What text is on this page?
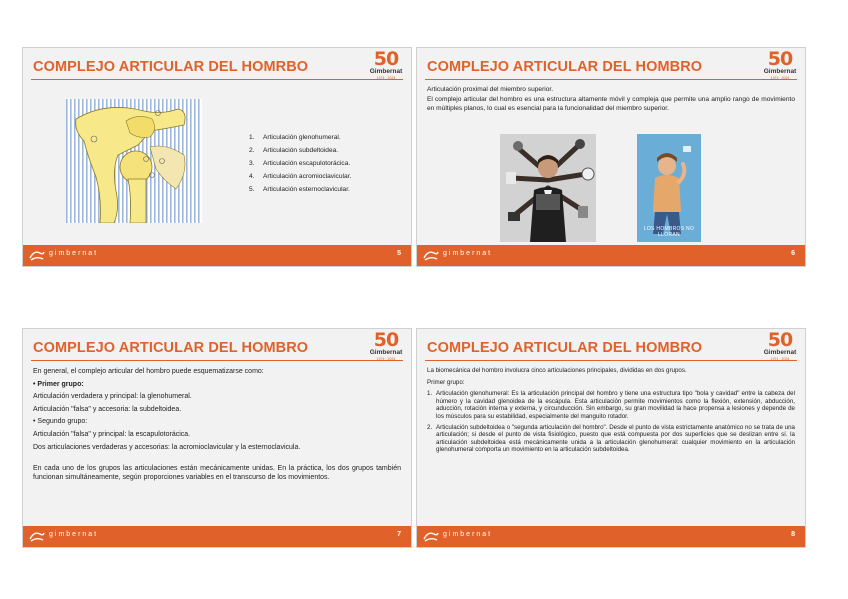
COMPLEJO ARTICULAR DEL HOMRBO	50
Gimbernat
1974 · 2024
1. Articulación glenohumeral.
2. Articulación subdeltoidea.
3. Articulación escapulotorácica.
4. Articulación acromioclavicular.
5. Articulación esternoclavicular.
gimbernat	5
COMPLEJO ARTICULAR DEL HOMBRO	50
Gimbernat
1974 · 2024

Articulación proximal del miembro superior.

El complejo articular del hombro es una estructura altamente móvil y compleja que permite una amplio rango de movimiento en múltiples planos, lo cual es esencial para la funcionalidad del miembro superior.

LOS HOMBROS NO LLORAN
gimbernat	6
COMPLEJO ARTICULAR DEL HOMBRO	50
Gimbernat
1974 · 2024

En general, el complejo articular del hombro puede esquematizarse como:

• Primer grupo:

Articulación verdadera y principal: la glenohumeral.

Articulación "falsa" y accesoria: la subdeltoidea.

• Segundo grupo:

Articulación "falsa" y principal: la escapulotorácica.

Dos articulaciones verdaderas y accesorias: la acromioclavicular y la esternoclavicula.

En cada uno de los grupos las articulaciones están mecánicamente unidas. En la práctica, los dos grupos también funcionan simultáneamente, según proporciones variables en el transcurso de los movimientos.

gimbernat	7
COMPLEJO ARTICULAR DEL HOMBRO	50
Gimbernat
1974 · 2024

La biomecánica del hombro involucra cinco articulaciones principales, divididas en dos grupos.

Primer grupo:

1. Articulación glenohumeral: Es la articulación principal del hombro y tiene una estructura tipo "bola y cavidad" entre la cabeza del húmero y la cavidad glenoidea de la escápula. Esta articulación permite movimientos como la flexión, extensión, abducción, aducción, rotación interna y externa, y circunducción. Sin embargo, su gran movilidad la hace propensa a lesiones y depende de los músculos para su estabilidad, especialmente del manguito rotador.
2. Articulación subdeltoidea o "segunda articulación del hombro". Desde el punto de vista estrictamente anatómico no se trata de una articulación; si desde el punto de vista fisiológico, puesto que está compuesta por dos superficies que se deslizan entre sí. la articulación subdeltoidea está mecánicamente unida a la articulación glenohumeral: cualquier movimiento en la articulación glenohumeral comporta un movimiento en la articulación subdeltoidea.
gimbernat	8
